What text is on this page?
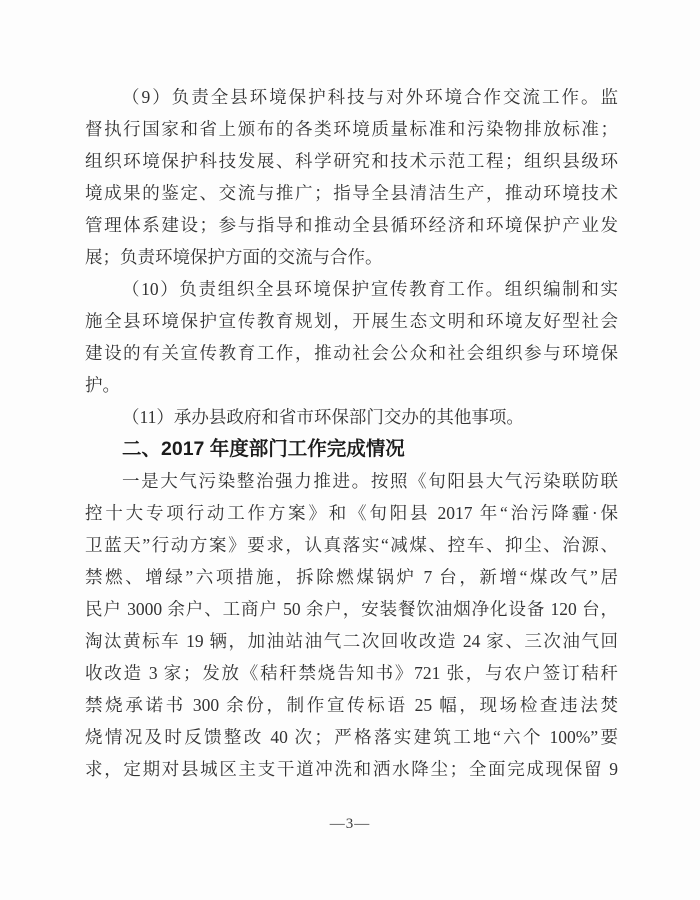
（9）负责全县环境保护科技与对外环境合作交流工作。监
督执行国家和省上颁布的各类环境质量标准和污染物排放标准；
组织环境保护科技发展、科学研究和技术示范工程；组织县级环
境成果的鉴定、交流与推广；指导全县清洁生产，推动环境技术
管理体系建设；参与指导和推动全县循环经济和环境保护产业发
展；负责环境保护方面的交流与合作。
（10）负责组织全县环境保护宣传教育工作。组织编制和实
施全县环境保护宣传教育规划，开展生态文明和环境友好型社会
建设的有关宣传教育工作，推动社会公众和社会组织参与环境保
护。
（11）承办县政府和省市环保部门交办的其他事项。
二、2017 年度部门工作完成情况
一是大气污染整治强力推进。按照《旬阳县大气污染联防联
控十大专项行动工作方案》和《旬阳县 2017 年“治污降霾·保
卫蓝天”行动方案》要求，认真落实“减煤、控车、抑尘、治源、
禁燃、增绿”六项措施，拆除燃煤锅炉 7 台，新增“煤改气”居
民户 3000 余户、工商户 50 余户，安装餐饮油烟净化设备 120 台，
淘汰黄标车 19 辆，加油站油气二次回收改造 24 家、三次油气回
收改造 3 家；发放《秸秆禁烧告知书》721 张，与农户签订秸秆
禁烧承诺书 300 余份，制作宣传标语 25 幅，现场检查违法焚
烧情况及时反馈整改 40 次；严格落实建筑工地“六个 100%”要
求，定期对县城区主支干道冲洗和洒水降尘；全面完成现保留 9
—3—
